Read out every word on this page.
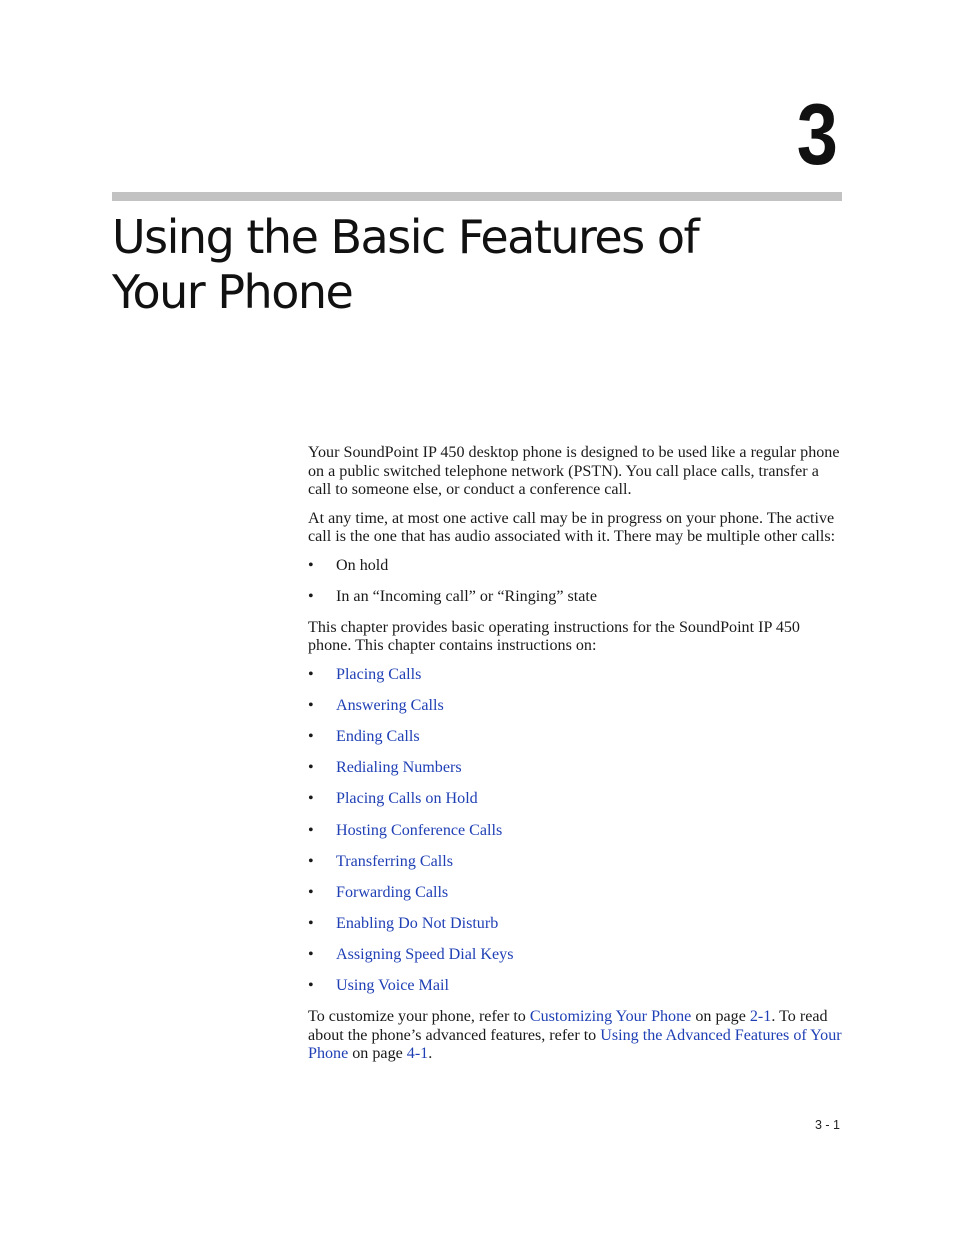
3
Using the Basic Features of
Your Phone

Your SoundPoint IP 450 desktop phone is designed to be used like a regular phone on a public switched telephone network (PSTN). You call place calls, transfer a call to someone else, or conduct a conference call.

At any time, at most one active call may be in progress on your phone. The active call is the one that has audio associated with it. There may be multiple other calls:

• On hold
• In an “Incoming call” or “Ringing” state

This chapter provides basic operating instructions for the SoundPoint IP 450 phone. This chapter contains instructions on:

• Placing Calls
• Answering Calls
• Ending Calls
• Redialing Numbers
• Placing Calls on Hold
• Hosting Conference Calls
• Transferring Calls
• Forwarding Calls
• Enabling Do Not Disturb
• Assigning Speed Dial Keys
• Using Voice Mail

To customize your phone, refer to Customizing Your Phone on page 2-1. To read about the phone’s advanced features, refer to Using the Advanced Features of Your Phone on page 4-1.

3 - 1
